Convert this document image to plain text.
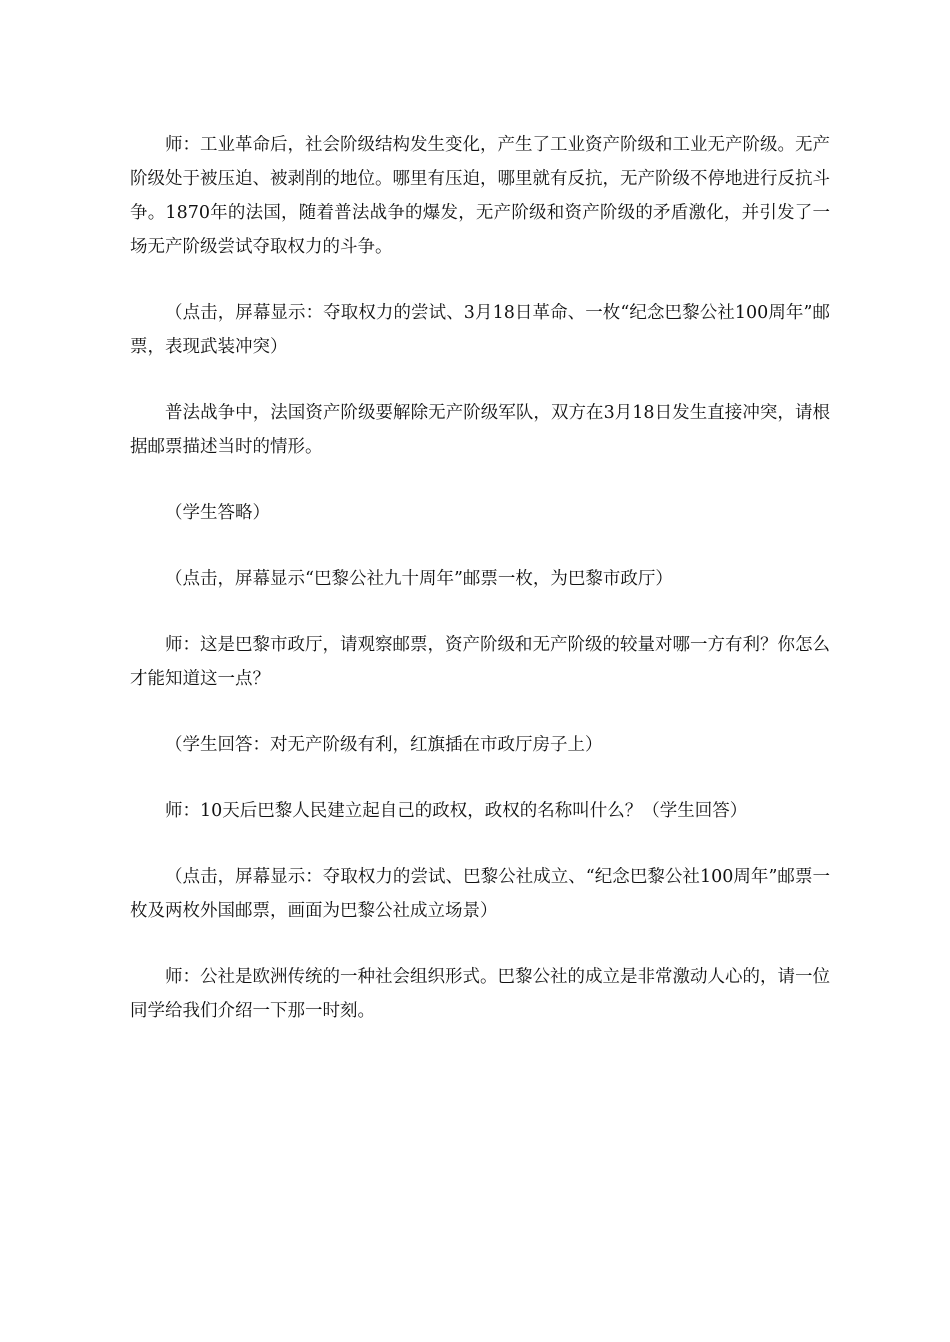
师：工业革命后，社会阶级结构发生变化，产生了工业资产阶级和工业无产阶级。无产阶级处于被压迫、被剥削的地位。哪里有压迫，哪里就有反抗，无产阶级不停地进行反抗斗争。1870年的法国，随着普法战争的爆发，无产阶级和资产阶级的矛盾激化，并引发了一场无产阶级尝试夺取权力的斗争。

（点击，屏幕显示：夺取权力的尝试、3月18日革命、一枚“纪念巴黎公社100周年”邮票，表现武装冲突）

普法战争中，法国资产阶级要解除无产阶级军队，双方在3月18日发生直接冲突，请根据邮票描述当时的情形。

（学生答略）

（点击，屏幕显示“巴黎公社九十周年”邮票一枚，为巴黎市政厅）

师：这是巴黎市政厅，请观察邮票，资产阶级和无产阶级的较量对哪一方有利？你怎么才能知道这一点？

（学生回答：对无产阶级有利，红旗插在市政厅房子上）

师：10天后巴黎人民建立起自己的政权，政权的名称叫什么？（学生回答）

（点击，屏幕显示：夺取权力的尝试、巴黎公社成立、“纪念巴黎公社100周年”邮票一枚及两枚外国邮票，画面为巴黎公社成立场景）

师：公社是欧洲传统的一种社会组织形式。巴黎公社的成立是非常激动人心的，请一位同学给我们介绍一下那一时刻。
